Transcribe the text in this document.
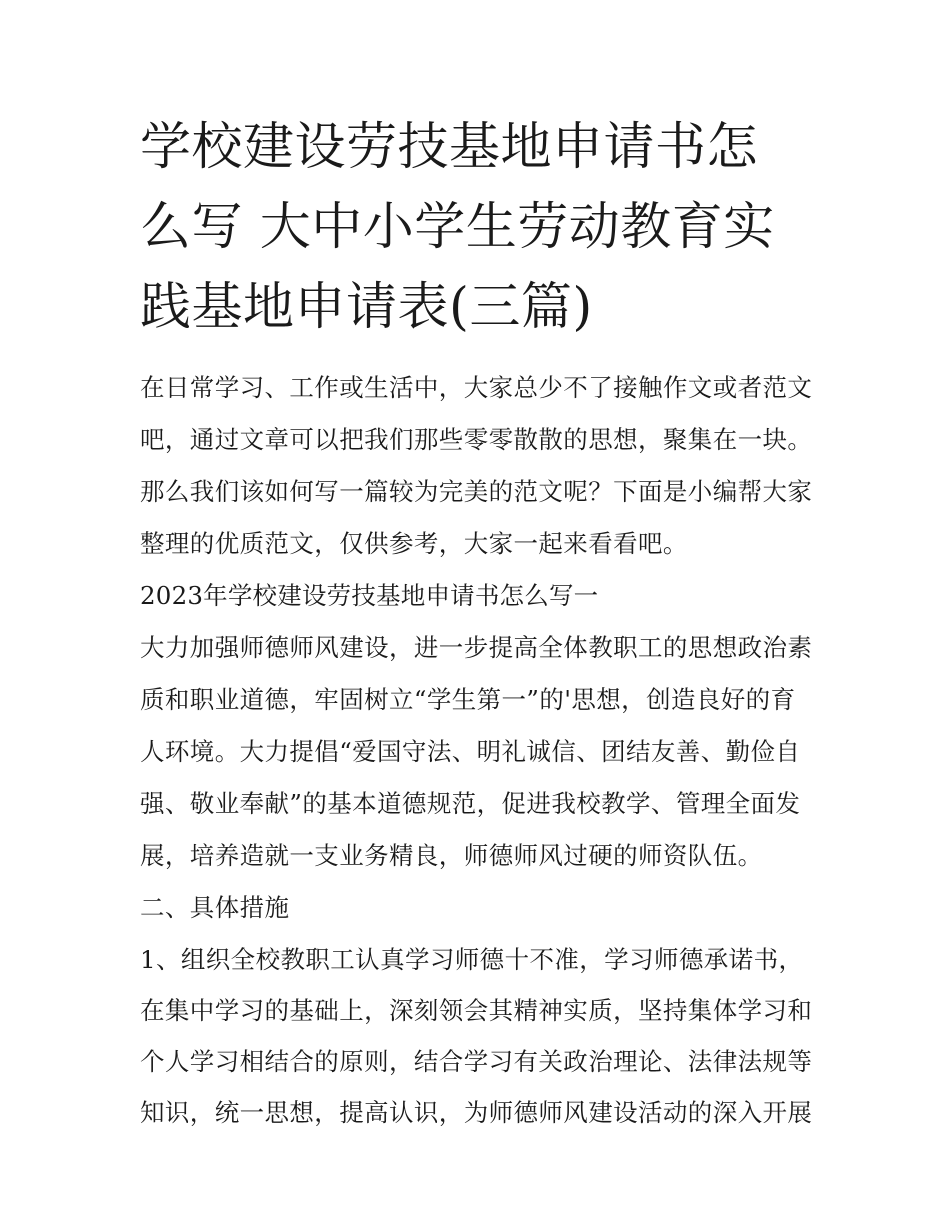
学校建设劳技基地申请书怎么写 大中小学生劳动教育实践基地申请表(三篇)

在日常学习、工作或生活中，大家总少不了接触作文或者范文吧，通过文章可以把我们那些零零散散的思想，聚集在一块。那么我们该如何写一篇较为完美的范文呢？下面是小编帮大家整理的优质范文，仅供参考，大家一起来看看吧。

2023年学校建设劳技基地申请书怎么写一

大力加强师德师风建设，进一步提高全体教职工的思想政治素质和职业道德，牢固树立“学生第一”的'思想，创造良好的育人环境。大力提倡“爱国守法、明礼诚信、团结友善、勤俭自强、敬业奉献”的基本道德规范，促进我校教学、管理全面发展，培养造就一支业务精良，师德师风过硬的师资队伍。

二、具体措施

1、组织全校教职工认真学习师德十不准，学习师德承诺书，在集中学习的基础上，深刻领会其精神实质，坚持集体学习和个人学习相结合的原则，结合学习有关政治理论、法律法规等知识，统一思想，提高认识，为师德师风建设活动的深入开展
